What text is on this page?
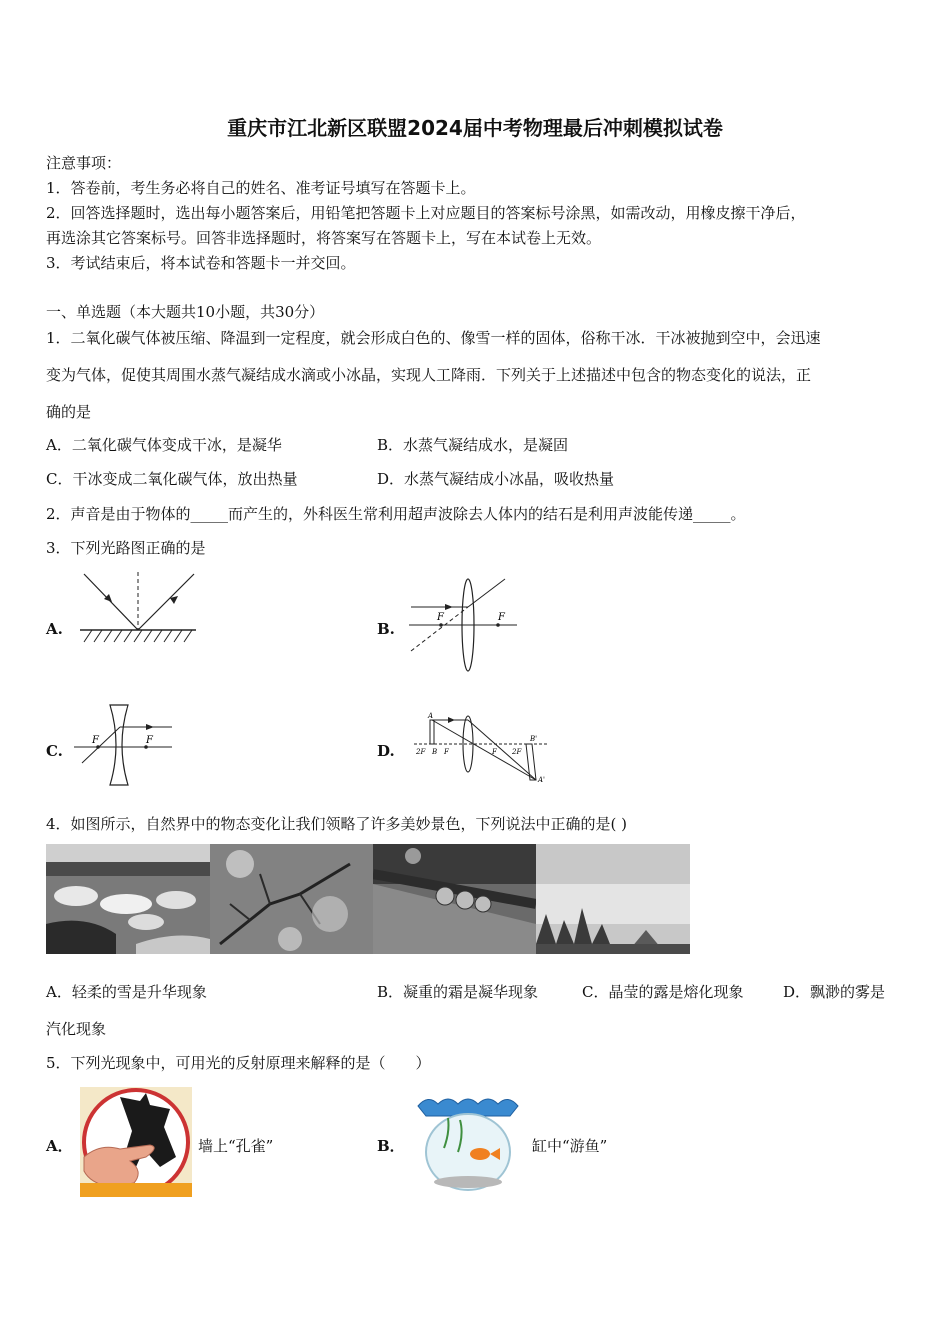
重庆市江北新区联盟2024届中考物理最后冲刺模拟试卷
注意事项：
1．答卷前，考生务必将自己的姓名、准考证号填写在答题卡上。
2．回答选择题时，选出每小题答案后，用铅笔把答题卡上对应题目的答案标号涂黑，如需改动，用橡皮擦干净后，
再选涂其它答案标号。回答非选择题时，将答案写在答题卡上，写在本试卷上无效。
3．考试结束后，将本试卷和答题卡一并交回。
一、单选题（本大题共10小题，共30分）
1．二氧化碳气体被压缩、降温到一定程度，就会形成白色的、像雪一样的固体，俗称干冰．干冰被抛到空中，会迅速
变为气体，促使其周围水蒸气凝结成水滴或小冰晶，实现人工降雨．下列关于上述描述中包含的物态变化的说法，正
确的是
A．二氧化碳气体变成干冰，是凝华	B．水蒸气凝结成水，是凝固
C．干冰变成二氧化碳气体，放出热量	D．水蒸气凝结成小冰晶，吸收热量
2．声音是由于物体的_____而产生的，外科医生常利用超声波除去人体内的结石是利用声波能传递_____。
3．下列光路图正确的是
A.	B.
F	F
C.
F	F
D.
A
2F B F	F 2F
B'
A'
4．如图所示，自然界中的物态变化让我们领略了许多美妙景色，下列说法中正确的是( )
A．轻柔的雪是升华现象	B．凝重的霜是凝华现象	C．晶莹的露是熔化现象	D．飘渺的雾是
汽化现象
5．下列光现象中，可用光的反射原理来解释的是（　　）
A．	墙上“孔雀”	B．	缸中“游鱼”
